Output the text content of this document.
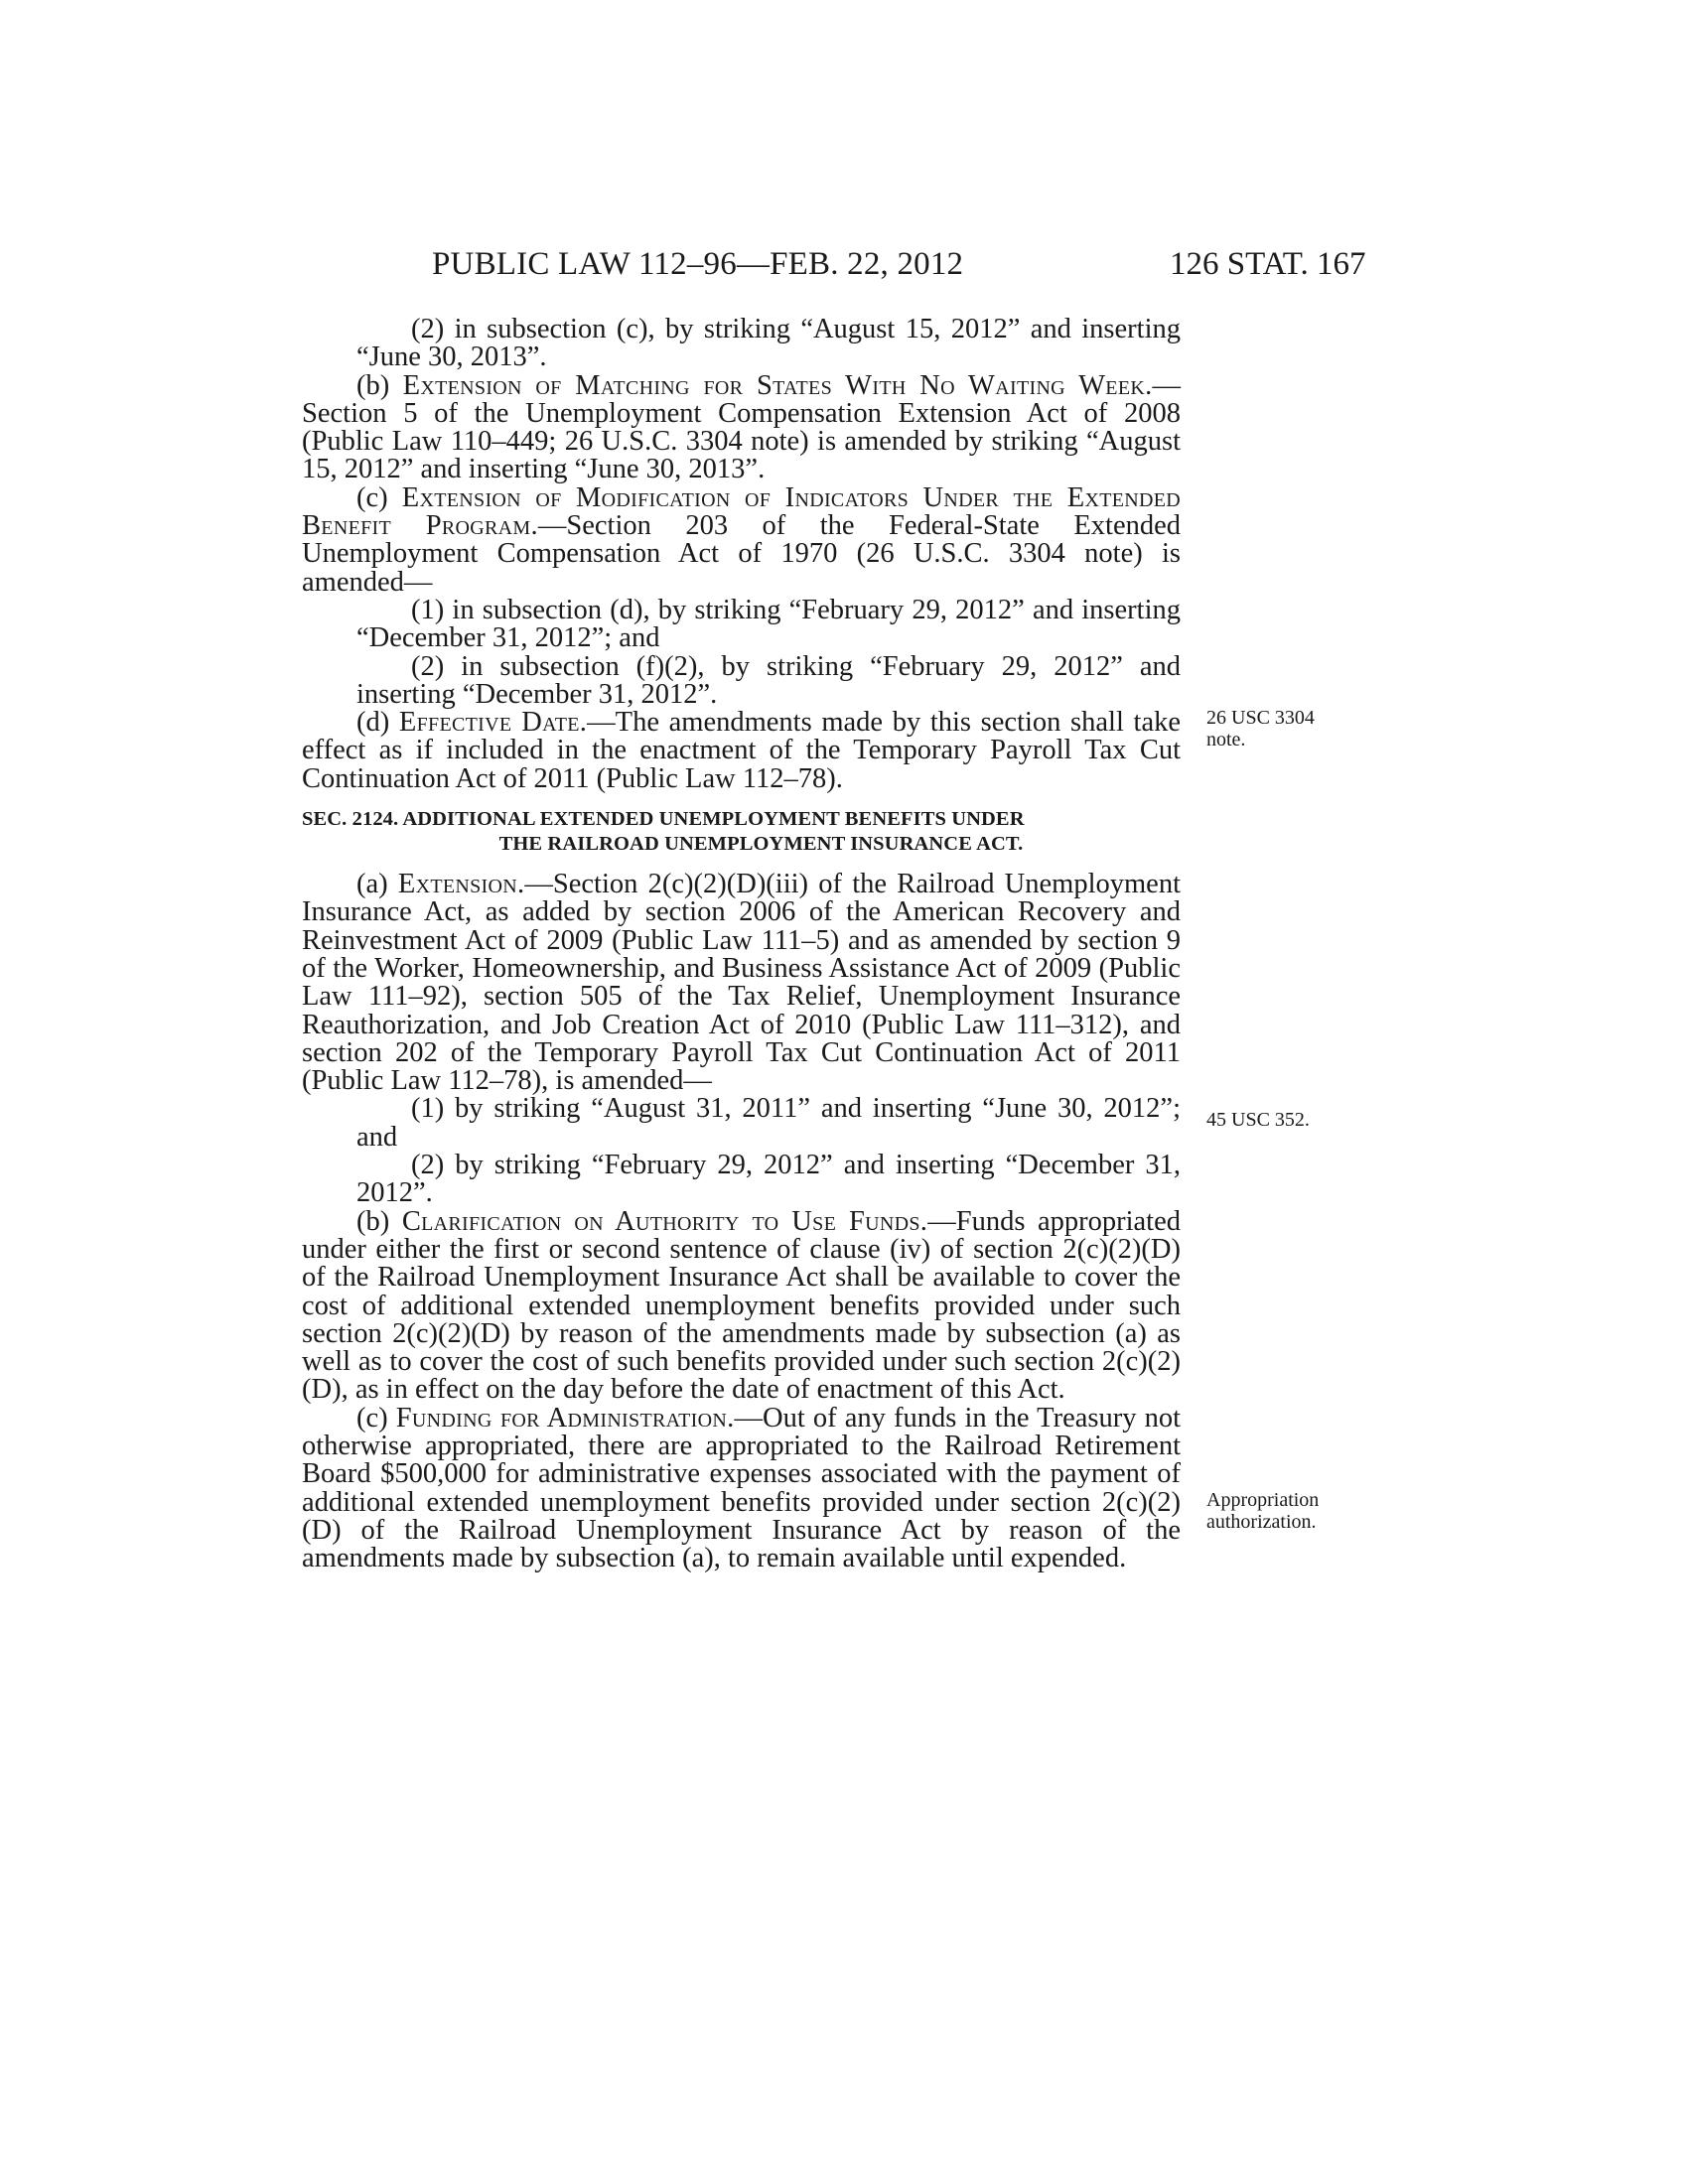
PUBLIC LAW 112–96—FEB. 22, 2012	126 STAT. 167

(2) in subsection (c), by striking “August 15, 2012” and inserting “June 30, 2013”.

(b) Extension of Matching for States With No Waiting Week.—Section 5 of the Unemployment Compensation Extension Act of 2008 (Public Law 110–449; 26 U.S.C. 3304 note) is amended by striking “August 15, 2012” and inserting “June 30, 2013”.

(c) Extension of Modification of Indicators Under the Extended Benefit Program.—Section 203 of the Federal-State Extended Unemployment Compensation Act of 1970 (26 U.S.C. 3304 note) is amended—

(1) in subsection (d), by striking “February 29, 2012” and inserting “December 31, 2012”; and

(2) in subsection (f)(2), by striking “February 29, 2012” and inserting “December 31, 2012”.

(d) Effective Date.—The amendments made by this section shall take effect as if included in the enactment of the Temporary Payroll Tax Cut Continuation Act of 2011 (Public Law 112–78).

SEC. 2124. ADDITIONAL EXTENDED UNEMPLOYMENT BENEFITS UNDER
THE RAILROAD UNEMPLOYMENT INSURANCE ACT.

(a) Extension.—Section 2(c)(2)(D)(iii) of the Railroad Unemployment Insurance Act, as added by section 2006 of the American Recovery and Reinvestment Act of 2009 (Public Law 111–5) and as amended by section 9 of the Worker, Homeownership, and Business Assistance Act of 2009 (Public Law 111–92), section 505 of the Tax Relief, Unemployment Insurance Reauthorization, and Job Creation Act of 2010 (Public Law 111–312), and section 202 of the Temporary Payroll Tax Cut Continuation Act of 2011 (Public Law 112–78), is amended—

(1) by striking “August 31, 2011” and inserting “June 30, 2012”; and

(2) by striking “February 29, 2012” and inserting “December 31, 2012”.

(b) Clarification on Authority to Use Funds.—Funds appropriated under either the first or second sentence of clause (iv) of section 2(c)(2)(D) of the Railroad Unemployment Insurance Act shall be available to cover the cost of additional extended unemployment benefits provided under such section 2(c)(2)(D) by reason of the amendments made by subsection (a) as well as to cover the cost of such benefits provided under such section 2(c)(2)(D), as in effect on the day before the date of enactment of this Act.

(c) Funding for Administration.—Out of any funds in the Treasury not otherwise appropriated, there are appropriated to the Railroad Retirement Board $500,000 for administrative expenses associated with the payment of additional extended unemployment benefits provided under section 2(c)(2)(D) of the Railroad Unemployment Insurance Act by reason of the amendments made by subsection (a), to remain available until expended.

26 USC 3304
note.
45 USC 352.
Appropriation
authorization.
